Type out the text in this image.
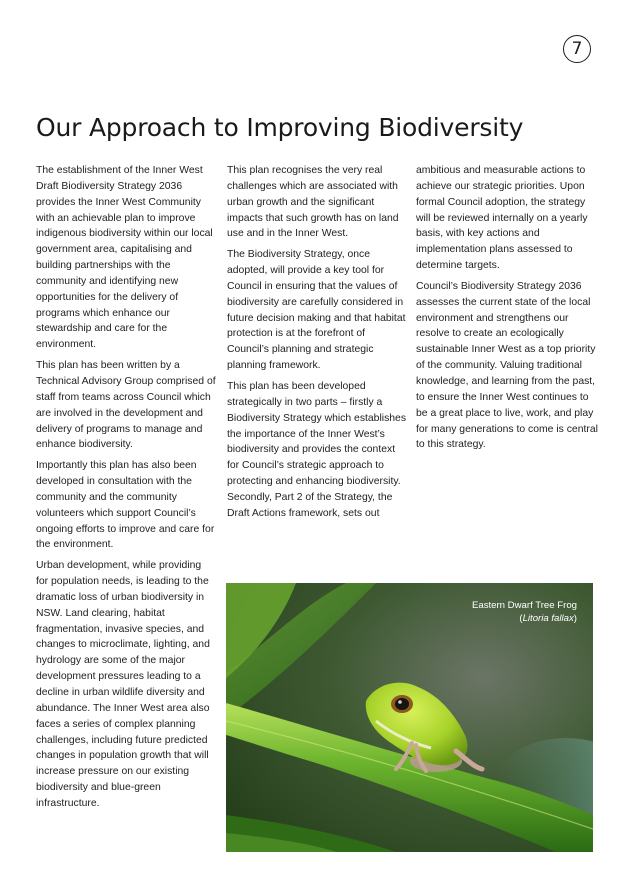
7
Our Approach to Improving Biodiversity

The establishment of the Inner West Draft Biodiversity Strategy 2036 provides the Inner West Community with an achievable plan to improve indigenous biodiversity within our local government area, capitalising and building partnerships with the community and identifying new opportunities for the delivery of programs which enhance our stewardship and care for the environment.

This plan has been written by a Technical Advisory Group comprised of staff from teams across Council which are involved in the development and delivery of programs to manage and enhance biodiversity.

Importantly this plan has also been developed in consultation with the community and the community volunteers which support Council’s ongoing efforts to improve and care for the environment.

Urban development, while providing for population needs, is leading to the dramatic loss of urban biodiversity in NSW. Land clearing, habitat fragmentation, invasive species, and changes to microclimate, lighting, and hydrology are some of the major development pressures leading to a decline in urban wildlife diversity and abundance. The Inner West area also faces a series of complex planning challenges, including future predicted changes in population growth that will increase pressure on our existing biodiversity and blue-green infrastructure.

This plan recognises the very real challenges which are associated with urban growth and the significant impacts that such growth has on land use and in the Inner West.

The Biodiversity Strategy, once adopted, will provide a key tool for Council in ensuring that the values of biodiversity are carefully considered in future decision making and that habitat protection is at the forefront of Council’s planning and strategic planning framework.

This plan has been developed strategically in two parts – firstly a Biodiversity Strategy which establishes the importance of the Inner West’s biodiversity and provides the context for Council’s strategic approach to protecting and enhancing biodiversity. Secondly, Part 2 of the Strategy, the Draft Actions framework, sets out

ambitious and measurable actions to achieve our strategic priorities. Upon formal Council adoption, the strategy will be reviewed internally on a yearly basis, with key actions and implementation plans assessed to determine targets.

Council’s Biodiversity Strategy 2036 assesses the current state of the local environment and strengthens our resolve to create an ecologically sustainable Inner West as a top priority of the community. Valuing traditional knowledge, and learning from the past, to ensure the Inner West continues to be a great place to live, work, and play for many generations to come is central to this strategy.

Eastern Dwarf Tree Frog
(Litoria fallax)
